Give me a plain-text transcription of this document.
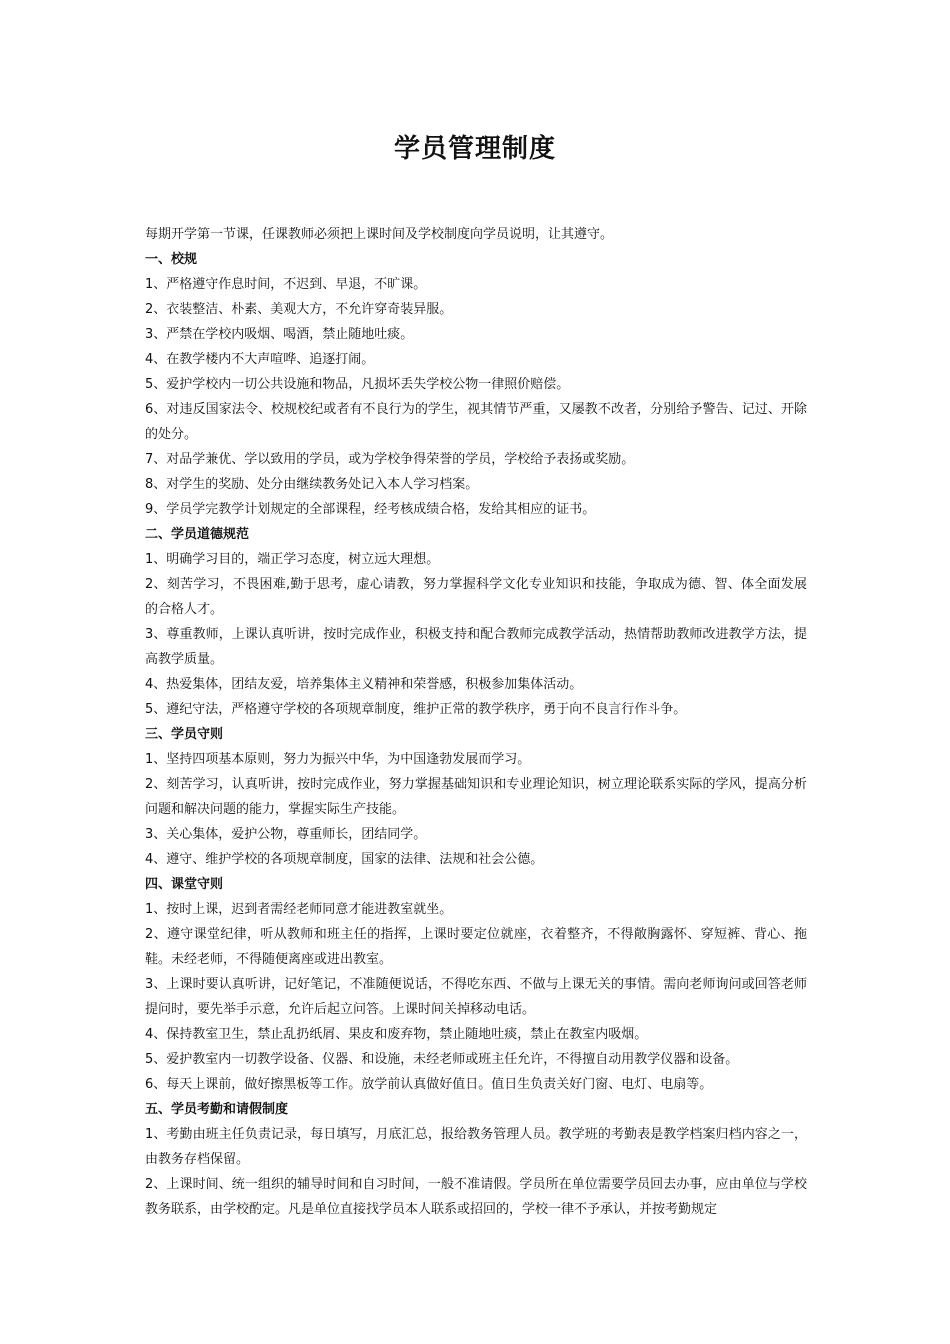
学员管理制度

每期开学第一节课，任课教师必须把上课时间及学校制度向学员说明，让其遵守。

一、校规

1、严格遵守作息时间，不迟到、早退，不旷课。

2、衣装整洁、朴素、美观大方，不允许穿奇装异服。

3、严禁在学校内吸烟、喝酒，禁止随地吐痰。

4、在教学楼内不大声喧哗、追逐打闹。

5、爱护学校内一切公共设施和物品，凡损坏丢失学校公物一律照价赔偿。

6、对违反国家法令、校规校纪或者有不良行为的学生，视其情节严重，又屡教不改者，分别给予警告、记过、开除的处分。

7、对品学兼优、学以致用的学员，或为学校争得荣誉的学员，学校给予表扬或奖励。

8、对学生的奖励、处分由继续教务处记入本人学习档案。

9、学员学完教学计划规定的全部课程，经考核成绩合格，发给其相应的证书。

二、学员道德规范

1、明确学习目的，端正学习态度，树立远大理想。

2、刻苦学习，不畏困难,勤于思考，虚心请教，努力掌握科学文化专业知识和技能，争取成为德、智、体全面发展的合格人才。

3、尊重教师，上课认真听讲，按时完成作业，积极支持和配合教师完成教学活动，热情帮助教师改进教学方法，提高教学质量。

4、热爱集体，团结友爱，培养集体主义精神和荣誉感，积极参加集体活动。

5、遵纪守法，严格遵守学校的各项规章制度，维护正常的教学秩序，勇于向不良言行作斗争。

三、学员守则

1、坚持四项基本原则，努力为振兴中华，为中国逢勃发展而学习。

2、刻苦学习，认真听讲，按时完成作业，努力掌握基础知识和专业理论知识，树立理论联系实际的学风，提高分析问题和解决问题的能力，掌握实际生产技能。

3、关心集体，爱护公物，尊重师长，团结同学。

4、遵守、维护学校的各项规章制度，国家的法律、法规和社会公德。

四、课堂守则

1、按时上课，迟到者需经老师同意才能进教室就坐。

2、遵守课堂纪律，听从教师和班主任的指挥，上课时要定位就座，衣着整齐，不得敞胸露怀、穿短裤、背心、拖鞋。未经老师，不得随便离座或进出教室。

3、上课时要认真听讲，记好笔记，不准随便说话，不得吃东西、不做与上课无关的事情。需向老师询问或回答老师提问时，要先举手示意，允许后起立问答。上课时间关掉移动电话。

4、保持教室卫生，禁止乱扔纸屑、果皮和废弃物，禁止随地吐痰，禁止在教室内吸烟。

5、爱护教室内一切教学设备、仪器、和设施，未经老师或班主任允许，不得擅自动用教学仪器和设备。

6、每天上课前，做好擦黑板等工作。放学前认真做好值日。值日生负责关好门窗、电灯、电扇等。

五、学员考勤和请假制度

1、考勤由班主任负责记录，每日填写，月底汇总，报给教务管理人员。教学班的考勤表是教学档案归档内容之一，由教务存档保留。

2、上课时间、统一组织的辅导时间和自习时间，一般不准请假。学员所在单位需要学员回去办事，应由单位与学校教务联系，由学校酌定。凡是单位直接找学员本人联系或招回的，学校一律不予承认，并按考勤规定
